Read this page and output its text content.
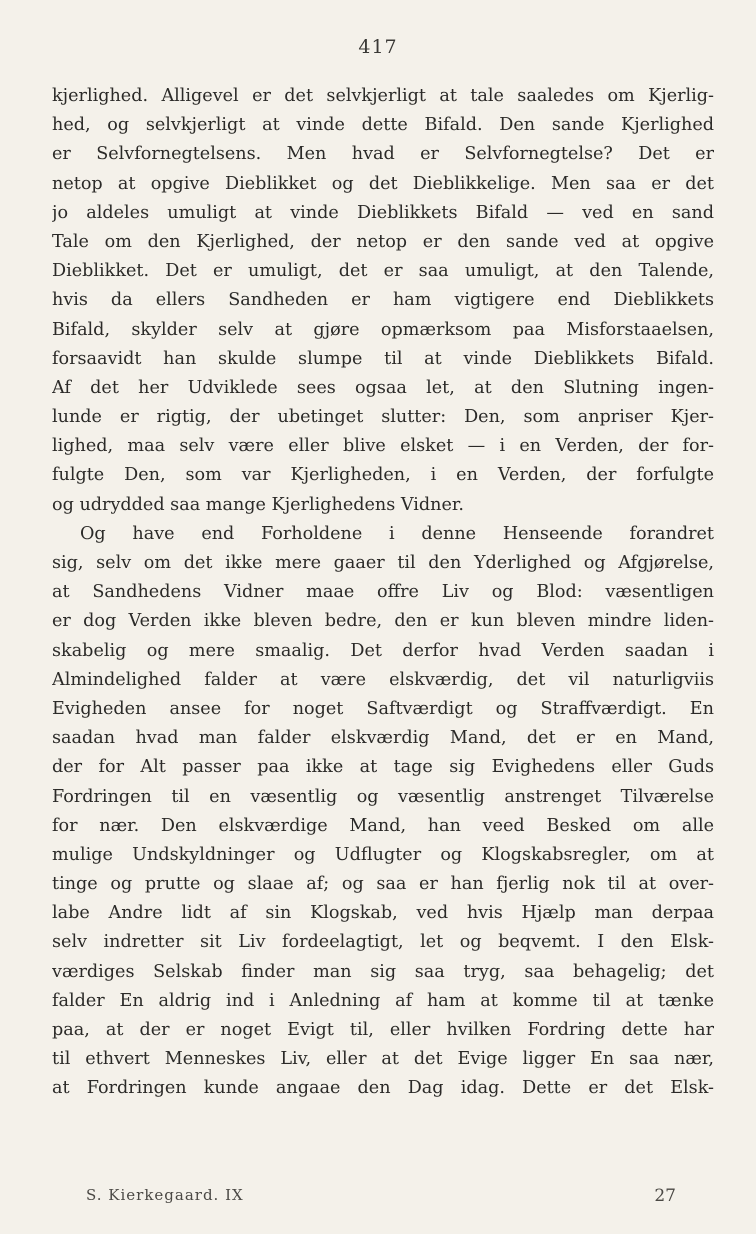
417
kjerlighed. Alligevel er det selvkjerligt at tale saaledes om Kjerlig-
hed, og selvkjerligt at vinde dette Bifald. Den sande Kjerlighed
er Selvfornegtelsens. Men hvad er Selvfornegtelse? Det er
netop at opgive Dieblikket og det Dieblikkelige. Men saa er det
jo aldeles umuligt at vinde Dieblikkets Bifald — ved en sand
Tale om den Kjerlighed, der netop er den sande ved at opgive
Dieblikket. Det er umuligt, det er saa umuligt, at den Talende,
hvis da ellers Sandheden er ham vigtigere end Dieblikkets
Bifald, skylder selv at gjøre opmærksom paa Misforstaaelsen,
forsaavidt han skulde slumpe til at vinde Dieblikkets Bifald.
Af det her Udviklede sees ogsaa let, at den Slutning ingen-
lunde er rigtig, der ubetinget slutter: Den, som anpriser Kjer-
lighed, maa selv være eller blive elsket — i en Verden, der for-
fulgte Den, som var Kjerligheden, i en Verden, der forfulgte
og udrydded saa mange Kjerlighedens Vidner.
Og have end Forholdene i denne Henseende forandret
sig, selv om det ikke mere gaaer til den Yderlighed og Afgjørelse,
at Sandhedens Vidner maae offre Liv og Blod: væsentligen
er dog Verden ikke bleven bedre, den er kun bleven mindre liden-
skabelig og mere smaalig. Det derfor hvad Verden saadan i
Almindelighed falder at være elskværdig, det vil naturligviis
Evigheden ansee for noget Saftværdigt og Straffværdigt. En
saadan hvad man falder elskværdig Mand, det er en Mand,
der for Alt passer paa ikke at tage sig Evighedens eller Guds
Fordringen til en væsentlig og væsentlig anstrenget Tilværelse
for nær. Den elskværdige Mand, han veed Besked om alle
mulige Undskyldninger og Udflugter og Klogskabsregler, om at
tinge og prutte og slaae af; og saa er han fjerlig nok til at over-
labe Andre lidt af sin Klogskab, ved hvis Hjælp man derpaa
selv indretter sit Liv fordeelagtigt, let og beqvemt. I den Elsk-
værdiges Selskab finder man sig saa tryg, saa behagelig; det
falder En aldrig ind i Anledning af ham at komme til at tænke
paa, at der er noget Evigt til, eller hvilken Fordring dette har
til ethvert Menneskes Liv, eller at det Evige ligger En saa nær,
at Fordringen kunde angaae den Dag idag. Dette er det Elsk-
S. Kierkegaard. IX	27
